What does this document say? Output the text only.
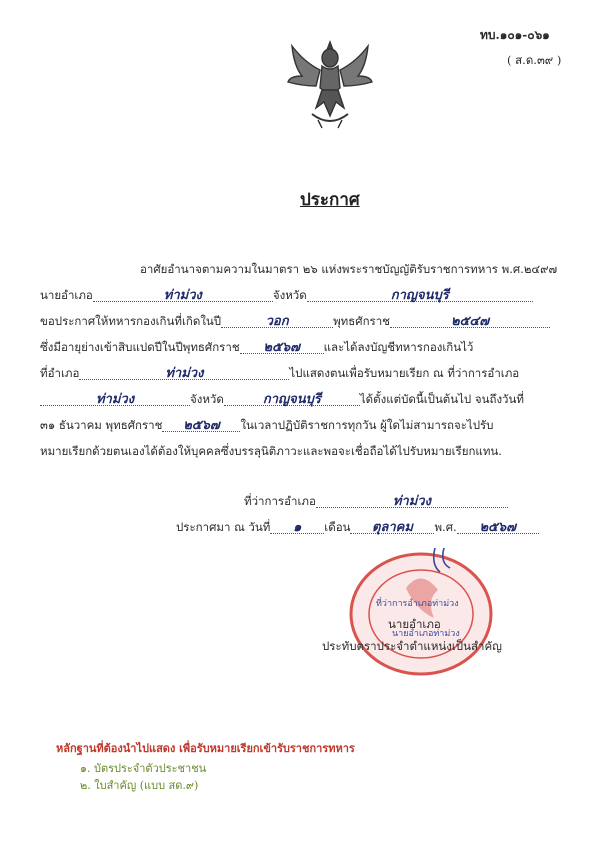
ทบ.๑๐๑-๐๖๑
( ส.ด.๓๙ )
ประกาศ
อาศัยอำนาจตามความในมาตรา ๒๖ แห่งพระราชบัญญัติรับราชการทหาร พ.ศ.๒๔๙๗
นายอำเภอ	ท่าม่วง	จังหวัด	กาญจนบุรี
ขอประกาศให้ทหารกองเกินที่เกิดในปี	วอก	พุทธศักราช	๒๕๔๗
ซึ่งมีอายุย่างเข้าสิบแปดปีในปีพุทธศักราช ๒๕๖๗ และได้ลงบัญชีทหารกองเกินไว้
ที่อำเภอ	ท่าม่วง	ไปแสดงตนเพื่อรับหมายเรียก ณ ที่ว่าการอำเภอ
ท่าม่วง	จังหวัด	กาญจนบุรี	ได้ตั้งแต่บัดนี้เป็นต้นไป จนถึงวันที่
๓๑ ธันวาคม พุทธศักราช ๒๕๖๗ ในเวลาปฏิบัติราชการทุกวัน ผู้ใดไม่สามารถจะไปรับ
หมายเรียกด้วยตนเองได้ต้องให้บุคคลซึ่งบรรลุนิติภาวะและพอจะเชื่อถือได้ไปรับหมายเรียกแทน.
ที่ว่าการอำเภอ	ท่าม่วง
ประกาศมา ณ วันที่ ๑ เดือน ตุลาคม พ.ศ. ๒๕๖๗
ที่ว่าการอำเภอท่าม่วง
นายอำเภอท่าม่วง
นายอำเภอ
ประทับตราประจำตำแหน่งเป็นสำคัญ
หลักฐานที่ต้องนำไปแสดง เพื่อรับหมายเรียกเข้ารับราชการทหาร
๑. บัตรประจำตัวประชาชน
๒. ใบสำคัญ (แบบ สด.๙)
